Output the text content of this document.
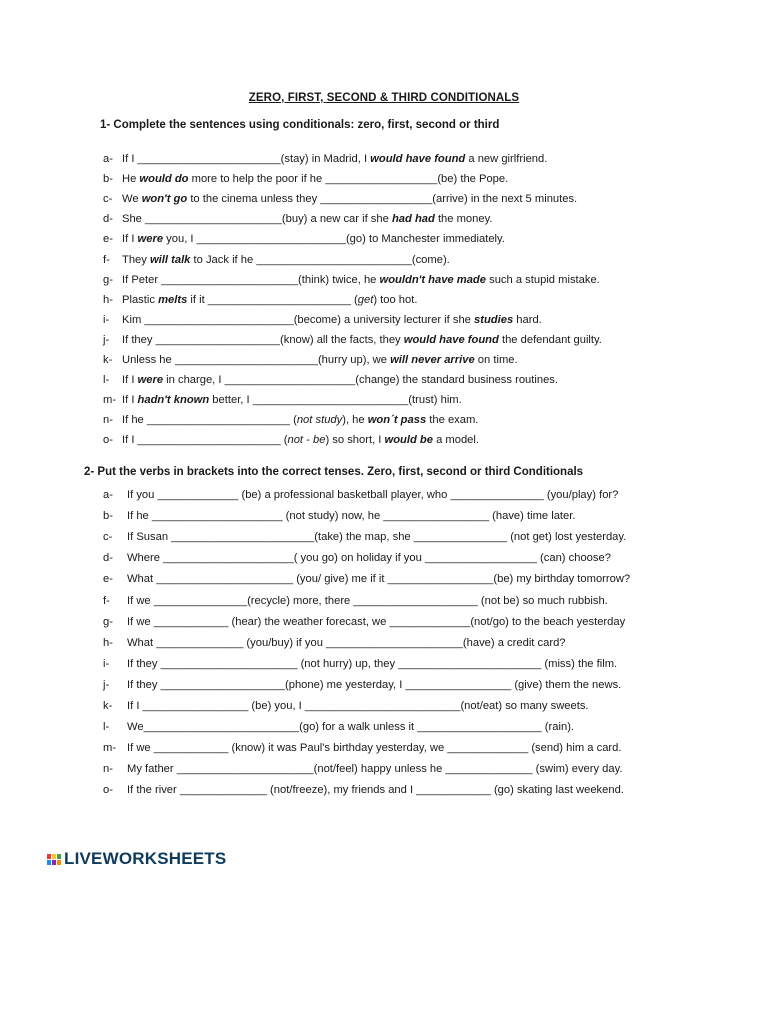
ZERO, FIRST, SECOND & THIRD CONDITIONALS
1- Complete the sentences using conditionals: zero, first, second or third
a- If I _______________________(stay) in Madrid, I would have found a new girlfriend.
b- He would do more to help the poor if he __________________(be) the Pope.
c- We won't go to the cinema unless they __________________(arrive) in the next 5 minutes.
d- She ______________________(buy) a new car if she had had the money.
e- If I were you, I ________________________(go) to Manchester immediately.
f- They will talk to Jack if he _________________________(come).
g- If Peter ______________________(think) twice, he wouldn't have made such a stupid mistake.
h- Plastic melts if it _______________________ (get) too hot.
i- Kim ________________________(become) a university lecturer if she studies hard.
j- If they ____________________(know) all the facts, they would have found the defendant guilty.
k- Unless he _______________________(hurry up), we will never arrive on time.
l- If I were in charge, I _____________________(change) the standard business routines.
m- If I hadn't known better, I _________________________(trust) him.
n- If he _______________________ (not study), he won´t pass the exam.
o- If I _______________________ (not - be) so short, I would be a model.
2- Put the verbs in brackets into the correct tenses. Zero, first, second or third Conditionals
a- If you _____________ (be) a professional basketball player, who _______________ (you/play) for?
b- If he _____________________ (not study) now, he _________________ (have) time later.
c- If Susan _______________________(take) the map, she _______________ (not get) lost yesterday.
d- Where _____________________( you go) on holiday if you __________________ (can) choose?
e- What ______________________ (you/ give) me if it _________________(be) my birthday tomorrow?
f- If we _______________(recycle) more, there ____________________ (not be) so much rubbish.
g- If we ____________ (hear) the weather forecast, we _____________(not/go) to the beach yesterday
h- What ______________ (you/buy) if you ______________________(have) a credit card?
i- If they ______________________ (not hurry) up, they _______________________ (miss) the film.
j- If they ____________________(phone) me yesterday, I _________________ (give) them the news.
k- If I _________________ (be) you, I _________________________(not/eat) so many sweets.
l- We_________________________(go) for a walk unless it ____________________ (rain).
m- If we ____________ (know) it was Paul's birthday yesterday, we _____________ (send) him a card.
n- My father ______________________(not/feel) happy unless he ______________ (swim) every day.
o- If the river ______________ (not/freeze), my friends and I ____________ (go) skating last weekend.
LIVEWORKSHEETS
